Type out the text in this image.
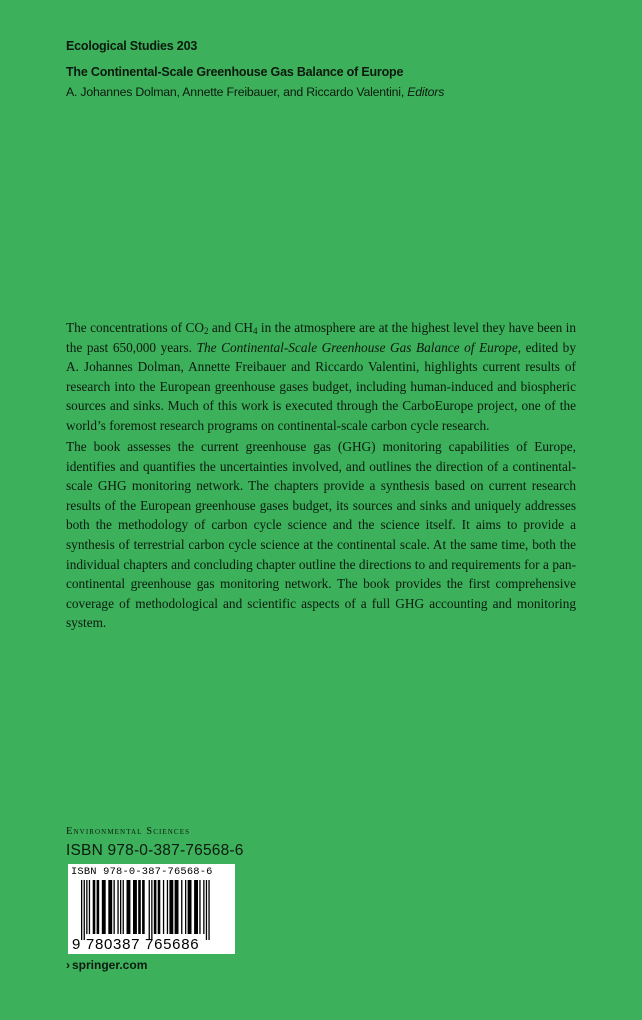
Ecological Studies 203
The Continental-Scale Greenhouse Gas Balance of Europe
A. Johannes Dolman, Annette Freibauer, and Riccardo Valentini, Editors

The concentrations of $CO_2$ and $CH_4$ in the atmosphere are at the highest level they have been in the past 650,000 years. The Continental-Scale Greenhouse Gas Balance of Europe, edited by A. Johannes Dolman, Annette Freibauer and Riccardo Valentini, highlights current results of research into the European greenhouse gases budget, including human-induced and biospheric sources and sinks. Much of this work is executed through the CarboEurope project, one of the world’s foremost research programs on continental-scale carbon cycle research.

The book assesses the current greenhouse gas (GHG) monitoring capabilities of Europe, identifies and quantifies the uncertainties involved, and outlines the direction of a continental-scale GHG monitoring network. The chapters provide a synthesis based on current research results of the European greenhouse gases budget, its sources and sinks and uniquely addresses both the methodology of carbon cycle science and the science itself. It aims to provide a synthesis of terrestrial carbon cycle science at the continental scale. At the same time, both the individual chapters and concluding chapter outline the directions to and requirements for a pan-continental greenhouse gas monitoring network. The book provides the first comprehensive coverage of methodological and scientific aspects of a full GHG accounting and monitoring system.

Environmental Sciences
ISBN 978-0-387-76568-6
ISBN 978-0-387-76568-6
9 780387 765686
› springer.com
